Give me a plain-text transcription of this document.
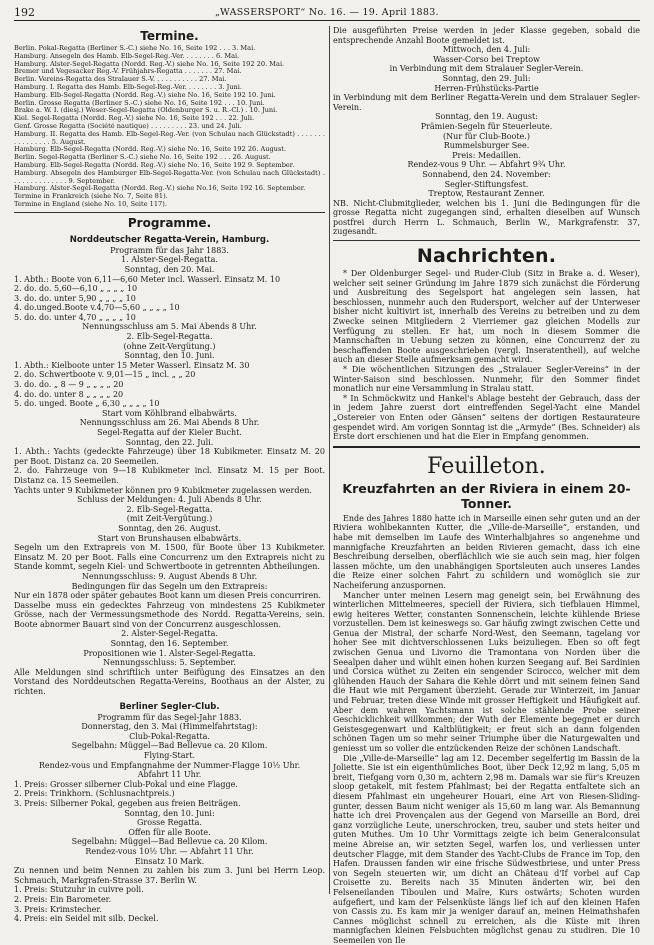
192	„WASSERSPORT“ No. 16. — 19. April 1883.
Termine.
Berlin. Pokal-Regatta (Berliner S.-C.) siehe No. 16, Seite 192 . . . 3. Mai.
Hamburg. Ansegeln des Hamb. Elb-Segel-Reg.-Ver. . . . . . . . 6. Mai.
Hamburg. Alster-Segel-Regatta (Nordd. Reg.-V.) siehe No. 16, Seite 192 20. Mai.
Bremer und Vegesacker Reg.-V. Frühjahrs-Regatta . . . . . . . 27. Mai.
Berlin. Vereins-Regatta des Stralauer S.-V. . . . . . . . . . . 27. Mai.
Hamburg. I. Regatta des Hamb. Elb-Segel-Reg.-Ver. . . . . . . . 3. Juni.
Hamburg. Elb-Segel-Regatta (Nordd. Reg.-V.) siehe No. 16, Seite 192 10. Juni.
Berlin. Grosse Regatta (Berliner S.-C.) siehe No. 16, Seite 192 . . . 10. Juni.
Brake a. W. I. (diesj.) Weser-Segel-Regatta (Oldenburger S. u. R.-Cl.) . 10. Juni.
Kiel. Segel-Regatta (Nordd. Reg.-V.) siehe No. 16, Seite 192 . . . 22. Juli.
Genf. Grosse Regatta (Société nautique) . . . . . . . . . 23. und 24. Juli.
Hamburg. II. Regatta des Hamb. Elb-Segel-Reg.-Ver. (von Schulau nach Glückstadt) . . . . . . . . . . . . . . . . 5. August.
Hamburg. Elb-Segel-Regatta (Nordd. Reg.-V.) siehe No. 16, Seite 192 26. August.
Berlin. Segel-Regatta (Berliner S.-C.) siehe No. 16, Seite 192 . . . 26. August.
Hamburg. Elb-Segel-Regatta (Nordd. Reg.-V.) siehe No. 16, Seite 192 9. September.
Hamburg. Absegeln des Hamburger Elb-Segel-Regatta-Ver. (von Schulau nach Glückstadt) . . . . . . . . . . . . . . 9. September.
Hamburg. Alster-Segel-Regatta (Nordd. Reg.-V.) siehe No.16, Seite 192 16. September.
Termine in Frankreich (siehe No. 7, Seite 81).
Termine in England (siehe No. 10, Seite 117).
Programme.
Norddeutscher Regatta-Verein, Hamburg.
Programm für das Jahr 1883.
1. Alster-Segel-Regatta.
Sonntag, den 20. Mai.
1. Abth.: Boote von 6,11—6,60 Meter incl. Wasserl. Einsatz M. 10
2. do. do. 5,60—6,10 „ „ „ „ 10
3. do. do. unter 5,90 „ „ „ „ 10
4. do.unged.Boote v.4,70—5,60 „ „ „ „ 10
5. do. do. unter 4,70 „ „ „ „ 10
Nennungsschluss am 5. Mai Abends 8 Uhr.
2. Elb-Segel-Regatta.
(ohne Zeit-Vergütung.)
Sonntag, den 10. Juni.
1. Abth.: Kielboote unter 15 Meter Wasserl. Einsatz M. 30
2. do. Schwertboote v. 9,01—15 „ incl. „ „ 20
3. do. do. „ 8 — 9 „ „ „ „ 20
4. do. do. unter 8 „ „ „ „ 20
5. do. unged. Boote „ 6,30 „ „ „ „ 10
Start vom Köhlbrand elbabwärts.
Nennungsschluss am 26. Mai Abends 8 Uhr.
Segel-Regatta auf der Kieler Bucht.
Sonntag, den 22. Juli.
1. Abth.: Yachts (gedeckte Fahrzeuge) über 18 Kubikmeter. Einsatz M. 20 per Boot. Distanz ca. 20 Seemeilen.
2. do. Fahrzeuge von 9—18 Kubikmeter incl. Einsatz M. 15 per Boot. Distanz ca. 15 Seemeilen.
Yachts unter 9 Kubikmeter können pro 9 Kubikmeter zugelassen werden.
Schluss der Meldungen: 4. Juli Abends 8 Uhr.
2. Elb-Segel-Regatta.
(mit Zeit-Vergütung.)
Sonntag, den 26. August.
Start von Brunshausen elbabwärts.
Segeln um den Extrapreis von M. 1500, für Boote über 13 Kubikmeter. Einsatz M. 20 per Boot. Falls eine Concurrenz um den Extrapreis nicht zu Stande kommt, segeln Kiel- und Schwertboote in getrennten Abtheilungen.
Nennungsschluss: 9. August Abends 8 Uhr.
Bedingungen für das Segeln um den Extrapreis:
Nur ein 1878 oder später gebautes Boot kann um diesen Preis concurriren.
Dasselbe muss ein gedecktes Fahrzeug von mindestens 25 Kubikmeter Grösse, nach der Vermessungsmethode des Nordd. Regatta-Vereins, sein. Boote abnormer Bauart sind von der Concurrenz ausgeschlossen.
2. Alster-Segel-Regatta.
Sonntag, den 16. September.
Propositionen wie 1. Alster-Segel-Regatta.
Nennungsschluss: 5. September.
Alle Meldungen sind schriftlich unter Beifügung des Einsatzes an den Vorstand des Norddeutschen Regatta-Vereins, Boothaus an der Alster, zu richten.
Berliner Segler-Club.
Programm für das Segel-Jahr 1883.
Donnerstag, den 3. Mai (Himmelfahrtstag):
Club-Pokal-Regatta.
Segelbahn: Müggel—Bad Bellevue ca. 20 Kilom.
Flying-Start.
Rendez-vous und Empfangnahme der Nummer-Flagge 10½ Uhr.
Abfahrt 11 Uhr.
1. Preis: Grosser silberner Club-Pokal und eine Flagge.
2. Preis: Trinkhorn. (Schlusnachtpreis.)
3. Preis: Silberner Pokal, gegeben aus freien Beiträgen.
Sonntag, den 10. Juni:
Grosse Regatta.
Offen für alle Boote.
Segelbahn: Müggel—Bad Bellevue ca. 20 Kilom.
Rendez-vous 10½ Uhr. — Abfahrt 11 Uhr.
Einsatz 10 Mark.
Zu nennen und beim Nennen zu zahlen bis zum 3. Juni bei Herrn Leop. Schmauch, Markgrafen-Strasse 37. Berlin W.
1. Preis: Stutzuhr in cuivre poli.
2. Preis: Ein Barometer.
3. Preis: Krimstecher.
4. Preis: ein Seidel mit silb. Deckel.
Die ausgeführten Preise werden in jeder Klasse gegeben, sobald die entsprechende Anzahl Boote gemeldet ist.
Mittwoch, den 4. Juli:
Wasser-Corso bei Treptow
in Verbindung mit dem Stralauer Segler-Verein.
Sonntag, den 29. Juli:
Herren-Frühstücks-Partie
in Verbindung mit dem Berliner Regatta-Verein und dem Stralauer Segler-Verein.
Sonntag, den 19. August:
Prämien-Segeln für Steuerleute.
(Nur für Club-Boote.)
Rummelsburger See.
Preis: Medaillen.
Rendez-vous 9 Uhr. — Abfahrt 9¾ Uhr.
Sonnabend, den 24. November:
Segler-Stiftungsfest.
Treptow, Restaurant Zenner.
NB. Nicht-Clubmitglieder, welchen bis 1. Juni die Bedingungen für die grosse Regatta nicht zugegangen sind, erhalten dieselben auf Wunsch postfrei durch Herrn L. Schmauch, Berlin W., Markgrafenstr. 37, zugesandt.
Nachrichten.
* Der Oldenburger Segel- und Ruder-Club (Sitz in Brake a. d. Weser), welcher seit seiner Gründung im Jahre 1879 sich zunächst die Förderung und Ausbreitung des Segelsport hat angelegen sein lassen, hat beschlossen, nunmehr auch den Rudersport, welcher auf der Unterweser bisher nicht kultivirt ist, innerhalb des Vereins zu betreiben und zu dem Zwecke seinen Mitgliedern 2 Vierriemer gaz gleichen Modells zur Verfügung zu stellen. Er hat, um noch in diesem Sommer die Mannschaften in Uebung setzen zu können, eine Concurrenz der zu beschaffenden Boote ausgeschrieben (vergl. Inseratentheil), auf welche auch an dieser Stelle aufmerksam gemacht wird.
* Die wöchentlichen Sitzungen des „Stralauer Segler-Vereins“ in der Winter-Saison sind beschlossen. Nunmehr, für den Sommer findet monatlich nur eine Versammlung in Stralau statt.
* In Schmöckwitz und Hankel's Ablage besteht der Gebrauch, dass der in jedem Jahre zuerst dort eintreffenden Segel-Yacht eine Mandel „Ostereier von Enten oder Gänsen“ seitens der dortigen Restaurateure gespendet wird. Am vorigen Sonntag ist die „Armyde“ (Bes. Schneider) als Erste dort erschienen und hat die Eier in Empfang genommen.
Feuilleton.
Kreuzfahrten an der Riviera in einem 20-Tonner.
Ende des Jahres 1880 hatte ich in Marseille einen sehr guten und an der Riviera wohlbekannten Kutter, die „Ville-de-Marseille“, erstanden, und habe mit demselben im Laufe des Winterhalbjahres so angenehme und mannigfache Kreuzfahrten an beiden Rivieren gemacht, dass ich eine Beschreibung derselben, oberflächlich wie sie auch sein mag, hier folgen lassen möchte, um den unabhängigen Sportsleuten auch unseres Landes die Reize einer solchen Fahrt zu schildern und womöglich sie zur Nacheiferung anzuspornen.
Mancher unter meinen Lesern mag geneigt sein, bei Erwähnung des winterlichen Mittelmeeres, speciell der Riviera, sich tiefblauen Himmel, ewig heiteres Wetter, constanten Sonnenschein, leichte kühlende Briese vorzustellen. Dem ist keineswegs so. Gar häufig zwingt zwischen Cette und Genua der Mistral, der scharfe Nord-West, den Seemann, tagelang vor hoher See mit dichtverschlossenen Luks beizuliegen. Eben so oft fegt zwischen Genua und Livorno die Tramontana von Norden über die Seealpen daher und wühlt einen hohen kurzen Seegang auf. Bei Sardinien und Corsica wüthet zu Zeiten ein sengender Scirocco, welcher mit dem glühenden Hauch der Sahara die Kehle dörrt und mit seinem feinen Sand die Haut wie mit Pergament überzieht. Gerade zur Winterzeit, im Januar und Februar, treten diese Winde mit grosser Heftigkeit und Häufigkeit auf. Aber dem wahren Yachtsmann ist solche stählende Probe seiner Geschicklichkeit willkommen; der Wuth der Elemente begegnet er durch Geistesgegenwart und Kaltblütigkeit; er freut sich an dann folgenden schönen Tagen um so mehr seiner Triumphe über die Naturgewalten und geniesst um so voller die entzückenden Reize der schönen Landschaft.
Die „Ville-de-Marseille“ lag am 12. December segelfertig im Bassin de la Joliette. Sie ist ein eigenthümliches Boot, über Deck 12,92 m lang, 5,05 m breit, Tiefgang vorn 0,30 m, achtern 2,98 m. Damals war sie für's Kreuzen sloop getakelt, mit festem Pfahlmast; bei der Regatta entfaltete sich an diesem Pfahlmast ein ungeheurer Houari, eine Art von Riesen-Sliding-gunter, dessen Baum nicht weniger als 15,60 m lang war. Als Bemannung hatte ich drei Provençalen aus der Gegend von Marseille an Bord, drei ganz vorzügliche Leute, unerschrocken, treu, sauber und stets heiter und guten Muthes. Um 10 Uhr Vormittags zeigte ich beim Generalconsulat meine Abreise an, wir setzten Segel, warfen los, und verliessen unter deutscher Flagge, mit dem Stander des Yacht-Clubs de France im Top, den Hafen. Draussen fanden wir eine frische Südwestbriese, und unter Press von Segeln steuerten wir, um dicht an Château d'If vorbei auf Cap Croisette zu. Bereits nach 35 Minuten änderten wir, bei den Felseneilanden Tiboulen und Maïre, Kurs ostwärts; Schoten wurden aufgefiert, und kam der Felsenküste längs lief ich auf den kleinen Hafen von Cassis zu. Es kam mir ja weniger darauf an, meinen Heimathshafen Cannes möglichst schnell zu erreichen, als die Küste mit ihren mannigfachen kleinen Felsbuchten möglichst genau zu studiren. Die 10 Seemeilen von Ile
